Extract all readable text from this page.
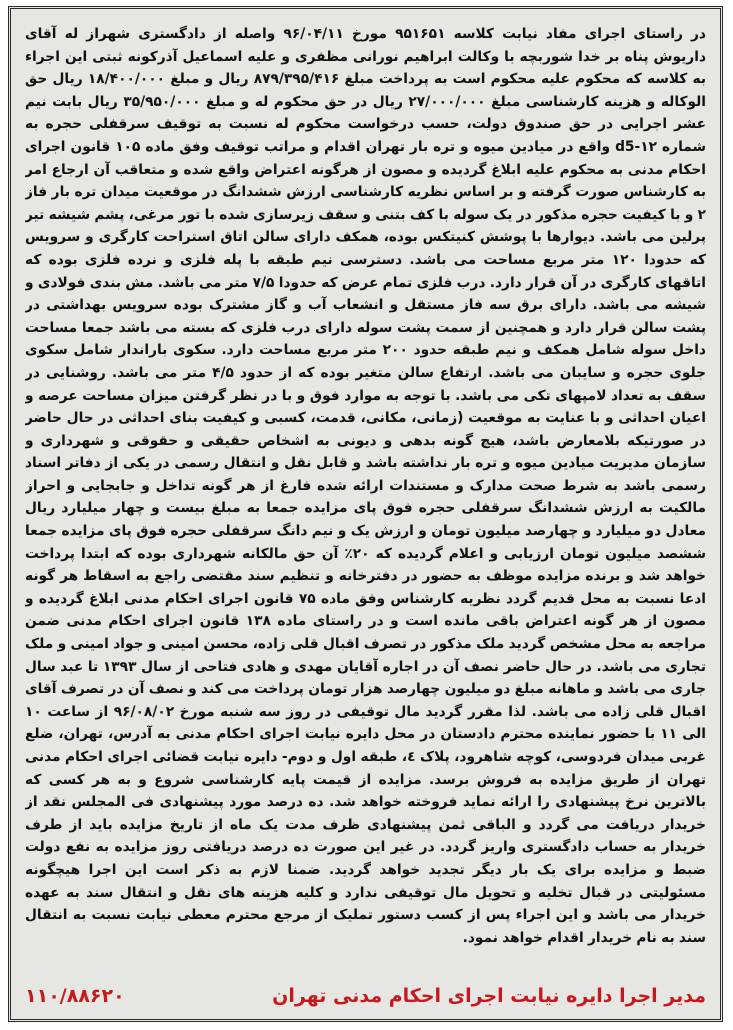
در راستای اجرای مفاد نیابت کلاسه ۹۵۱۶۵۱ مورخ ۹۶/۰۴/۱۱ واصله از دادگستری شهراز له آقای داریوش پناه بر خدا شوربچه با وکالت ابراهیم نورانی مظفری و علیه اسماعیل آذرکونه ثبتی این اجراء به کلاسه که محکوم علیه محکوم است به پرداخت مبلغ ۸۷۹/۳۹۵/۴۱۶ ریال و مبلغ ۱۸/۴۰۰/۰۰۰ ریال حق الوکاله و هزینه کارشناسی مبلغ ۲۷/۰۰۰/۰۰۰ ریال در حق محکوم له و مبلغ ۳۵/۹۵۰/۰۰۰ ریال بابت نیم عشر اجرایی در حق صندوق دولت، حسب درخواست محکوم له نسبت به توقیف سرقفلی حجره به شماره ۱۲-d5 واقع در میادین میوه و تره بار تهران اقدام و مراتب توقیف وفق ماده ۱۰۵ قانون اجرای احکام مدنی به محکوم علیه ابلاغ گردیده و مصون از هرگونه اعتراض واقع شده و متعاقب آن ارجاع امر به کارشناس صورت گرفته و بر اساس نظریه کارشناسی ارزش ششدانگ در موقعیت میدان تره بار فاز ۲ و با کیفیت حجره مذکور در یک سوله با کف بتنی و سقف زیرسازی شده با تور مرغی، پشم شیشه تیر پرلین می باشد. دیوارها با پوشش کنیتکس بوده، همکف دارای سالن اتاق استراحت کارگری و سرویس که حدودا ۱۲۰ متر مربع مساحت می باشد. دسترسی نیم طبقه با پله فلزی و نرده فلزی بوده که اتاقهای کارگری در آن قرار دارد. درب فلزی تمام عرض که حدودا ۷/۵ متر می باشد. مش بندی فولادی و شیشه می باشد. دارای برق سه فاز مستقل و انشعاب آب و گاز مشترک بوده سرویس بهداشتی در پشت سالن قرار دارد و همچنین از سمت پشت سوله دارای درب فلزی که بسته می باشد جمعا مساحت داخل سوله شامل همکف و نیم طبقه حدود ۲۰۰ متر مربع مساحت دارد. سکوی باراندار شامل سکوی جلوی حجره و سایبان می باشد. ارتفاع سالن متغیر بوده که از حدود ۴/۵ متر می باشد. روشنایی در سقف به تعداد لامپهای تکی می باشد. با توجه به موارد فوق و با در نظر گرفتن میزان مساحت عرصه و اعیان احداثی و با عنایت به موقعیت (زمانی، مکانی، قدمت، کسبی و کیفیت بنای احداثی در حال حاضر در صورتیکه بلامعارض باشد، هیچ گونه بدهی و دیونی به اشخاص حقیقی و حقوقی و شهرداری و سازمان مدیریت میادین میوه و تره بار نداشته باشد و قابل نقل و انتقال رسمی در یکی از دفاتر اسناد رسمی باشد به شرط صحت مدارک و مستندات ارائه شده فارغ از هر گونه تداخل و جابجایی و احراز مالکیت به ارزش ششدانگ سرقفلی حجره فوق پای مزایده جمعا به مبلغ بیست و چهار میلیارد ریال معادل دو میلیارد و چهارصد میلیون تومان و ارزش یک و نیم دانگ سرقفلی حجره فوق پای مزایده جمعا ششصد میلیون تومان ارزیابی و اعلام گردیده که ۲۰٪ آن حق مالکانه شهرداری بوده که ابتدا پرداخت خواهد شد و برنده مزایده موظف به حضور در دفترخانه و تنظیم سند مقتضی راجع به اسقاط هر گونه ادعا نسبت به محل قدیم گردد نظریه کارشناس وفق ماده ۷۵ قانون اجرای احکام مدنی ابلاغ گردیده و مصون از هر گونه اعتراض باقی مانده است و در راستای ماده ۱۳۸ قانون اجرای احکام مدنی ضمن مراجعه به محل مشخص گردید ملک مذکور در تصرف اقبال قلی زاده، محسن امینی و جواد امینی و ملک تجاری می باشد. در حال حاضر نصف آن در اجاره آقایان مهدی و هادی فتاحی از سال ۱۳۹۳ تا عبد سال جاری می باشد و ماهانه مبلغ دو میلیون چهارصد هزار تومان پرداخت می کند و نصف آن در تصرف آقای اقبال قلی زاده می باشد. لذا مقرر گردید مال توقیفی در روز سه شنبه مورخ ۹۶/۰۸/۰۲ از ساعت ۱۰ الی ۱۱ با حضور نماینده محترم دادستان در محل دایره نیابت اجرای احکام مدنی به آدرس، تهران، ضلع غربی میدان فردوسی، کوچه شاهرود، پلاک ٤، طبقه اول و دوم- دایره نیابت قضائی اجرای احکام مدنی تهران از طریق مزایده به فروش برسد. مزایده از قیمت پایه کارشناسی شروع و به هر کسی که بالاترین نرخ پیشنهادی را ارائه نماید فروخته خواهد شد. ده درصد مورد پیشنهادی فی المجلس نقد از خریدار دریافت می گردد و الباقی ثمن پیشنهادی ظرف مدت یک ماه از تاریخ مزایده باید از طرف خریدار به حساب دادگستری واریز گردد. در غیر این صورت ده درصد دریافتی روز مزایده به نفع دولت ضبط و مزایده برای یک بار دیگر تجدید خواهد گردید. ضمنا لازم به ذکر است این اجرا هیچگونه مسئولیتی در قبال تخلیه و تحویل مال توقیفی ندارد و کلیه هزینه های نقل و انتقال سند به عهده خریدار می باشد و این اجراء پس از کسب دستور تملیک از مرجع محترم معطی نیابت نسبت به انتقال سند به نام خریدار اقدام خواهد نمود.

۱۱۰/۸۸۶۲۰	مدیر اجرا دایره نیابت اجرای احکام مدنی تهران
